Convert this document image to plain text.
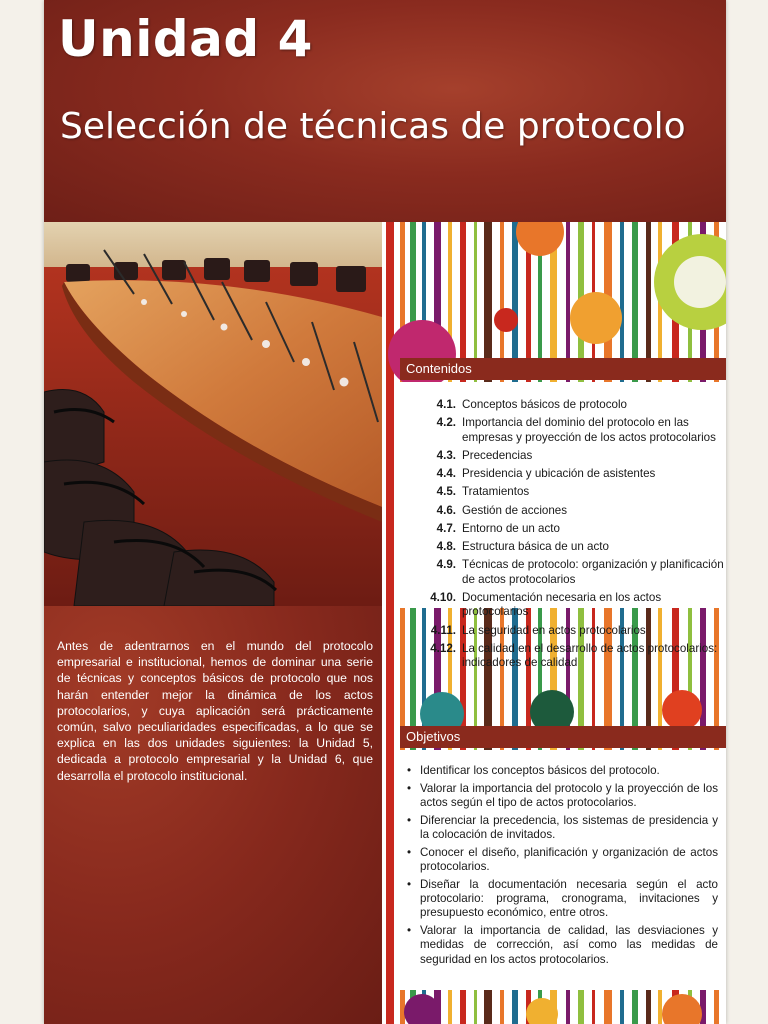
Unidad 4
Selección de técnicas de protocolo

Antes de adentrarnos en el mundo del protocolo empresarial e institucional, hemos de dominar una serie de técnicas y conceptos básicos de protocolo que nos harán entender mejor la dinámica de los actos protocolarios, y cuya aplicación será prácticamente común, salvo peculiaridades especificadas, a lo que se explica en las dos unidades siguientes: la Unidad 5, dedicada a protocolo empresarial y la Unidad 6, que desarrolla el protocolo institucional.

Contenidos
4.1. Conceptos básicos de protocolo
4.2. Importancia del dominio del protocolo en las empresas y proyección de los actos protocolarios
4.3. Precedencias
4.4. Presidencia y ubicación de asistentes
4.5. Tratamientos
4.6. Gestión de acciones
4.7. Entorno de un acto
4.8. Estructura básica de un acto
4.9. Técnicas de protocolo: organización y planificación de actos protocolarios
4.10. Documentación necesaria en los actos protocolarios
4.11. La seguridad en actos protocolarios
4.12. La calidad en el desarrollo de actos protocolarios: indicadores de calidad
Objetivos
• Identificar los conceptos básicos del protocolo.
• Valorar la importancia del protocolo y la proyección de los actos según el tipo de actos protocolarios.
• Diferenciar la precedencia, los sistemas de presidencia y la colocación de invitados.
• Conocer el diseño, planificación y organización de actos protocolarios.
• Diseñar la documentación necesaria según el acto protocolario: programa, cronograma, invitaciones y presupuesto económico, entre otros.
• Valorar la importancia de calidad, las desviaciones y medidas de corrección, así como las medidas de seguridad en los actos protocolarios.
